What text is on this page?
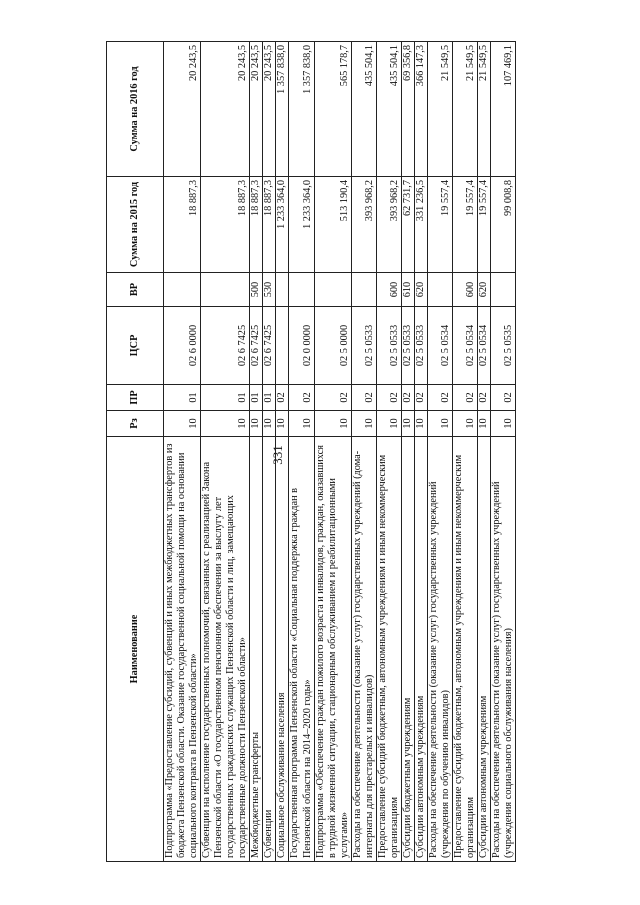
331
Наименование	Рз	ПР	ЦСР	ВР	Сумма на 2015 год	Сумма на 2016 год
Подпрограмма «Предоставление субсидий, субвенций и иных межбюджетных трансфертов из бюджета Пензенской области. Оказание государственной социальной помощи на основании социального контракта в Пензенской области»	10	01	02 6 0000		18 887,3	20 243,5
Субвенции на исполнение государственных полномочий, связанных с реализацией Закона Пензенской области «О государственном пенсионном обеспечении за выслугу лет государственных гражданских служащих Пензенской области и лиц, замещающих государственные должности Пензенской области»	10	01	02 6 7425		18 887,3	20 243,5
Межбюджетные трансферты	10	01	02 6 7425	500	18 887,3	20 243,5
Субвенции	10	01	02 6 7425	530	18 887,3	20 243,5
Социальное обслуживание населения	10	02			1 233 364,0	1 357 838,0
Государственная программа Пензенской области «Социальная поддержка граждан в Пензенской области на 2014–2020 годы»	10	02	02 0 0000		1 233 364,0	1 357 838,0
Подпрограмма «Обеспечение граждан пожилого возраста и инвалидов, граждан, оказавшихся в трудной жизненной ситуации, стационарным обслуживанием и реабилитационными услугами»	10	02	02 5 0000		513 190,4	565 178,7
Расходы на обеспечение деятельности (оказание услуг) государственных учреждений (дома-интернаты для престарелых и инвалидов)	10	02	02 5 0533		393 968,2	435 504,1
Предоставление субсидий бюджетным, автономным учреждениям и иным некоммерческим организациям	10	02	02 5 0533	600	393 968,2	435 504,1
Субсидии бюджетным учреждениям	10	02	02 5 0533	610	62 731,7	69 356,8
Субсидии автономным учреждениям	10	02	02 5 0533	620	331 236,5	366 147,3
Расходы на обеспечение деятельности (оказание услуг) государственных учреждений (учреждения по обучению инвалидов)	10	02	02 5 0534		19 557,4	21 549,5
Предоставление субсидий бюджетным, автономным учреждениям и иным некоммерческим организациям	10	02	02 5 0534	600	19 557,4	21 549,5
Субсидии автономным учреждениям	10	02	02 5 0534	620	19 557,4	21 549,5
Расходы на обеспечение деятельности (оказание услуг) государственных учреждений (учреждения социального обслуживания населения)	10	02	02 5 0535		99 008,8	107 469,1
